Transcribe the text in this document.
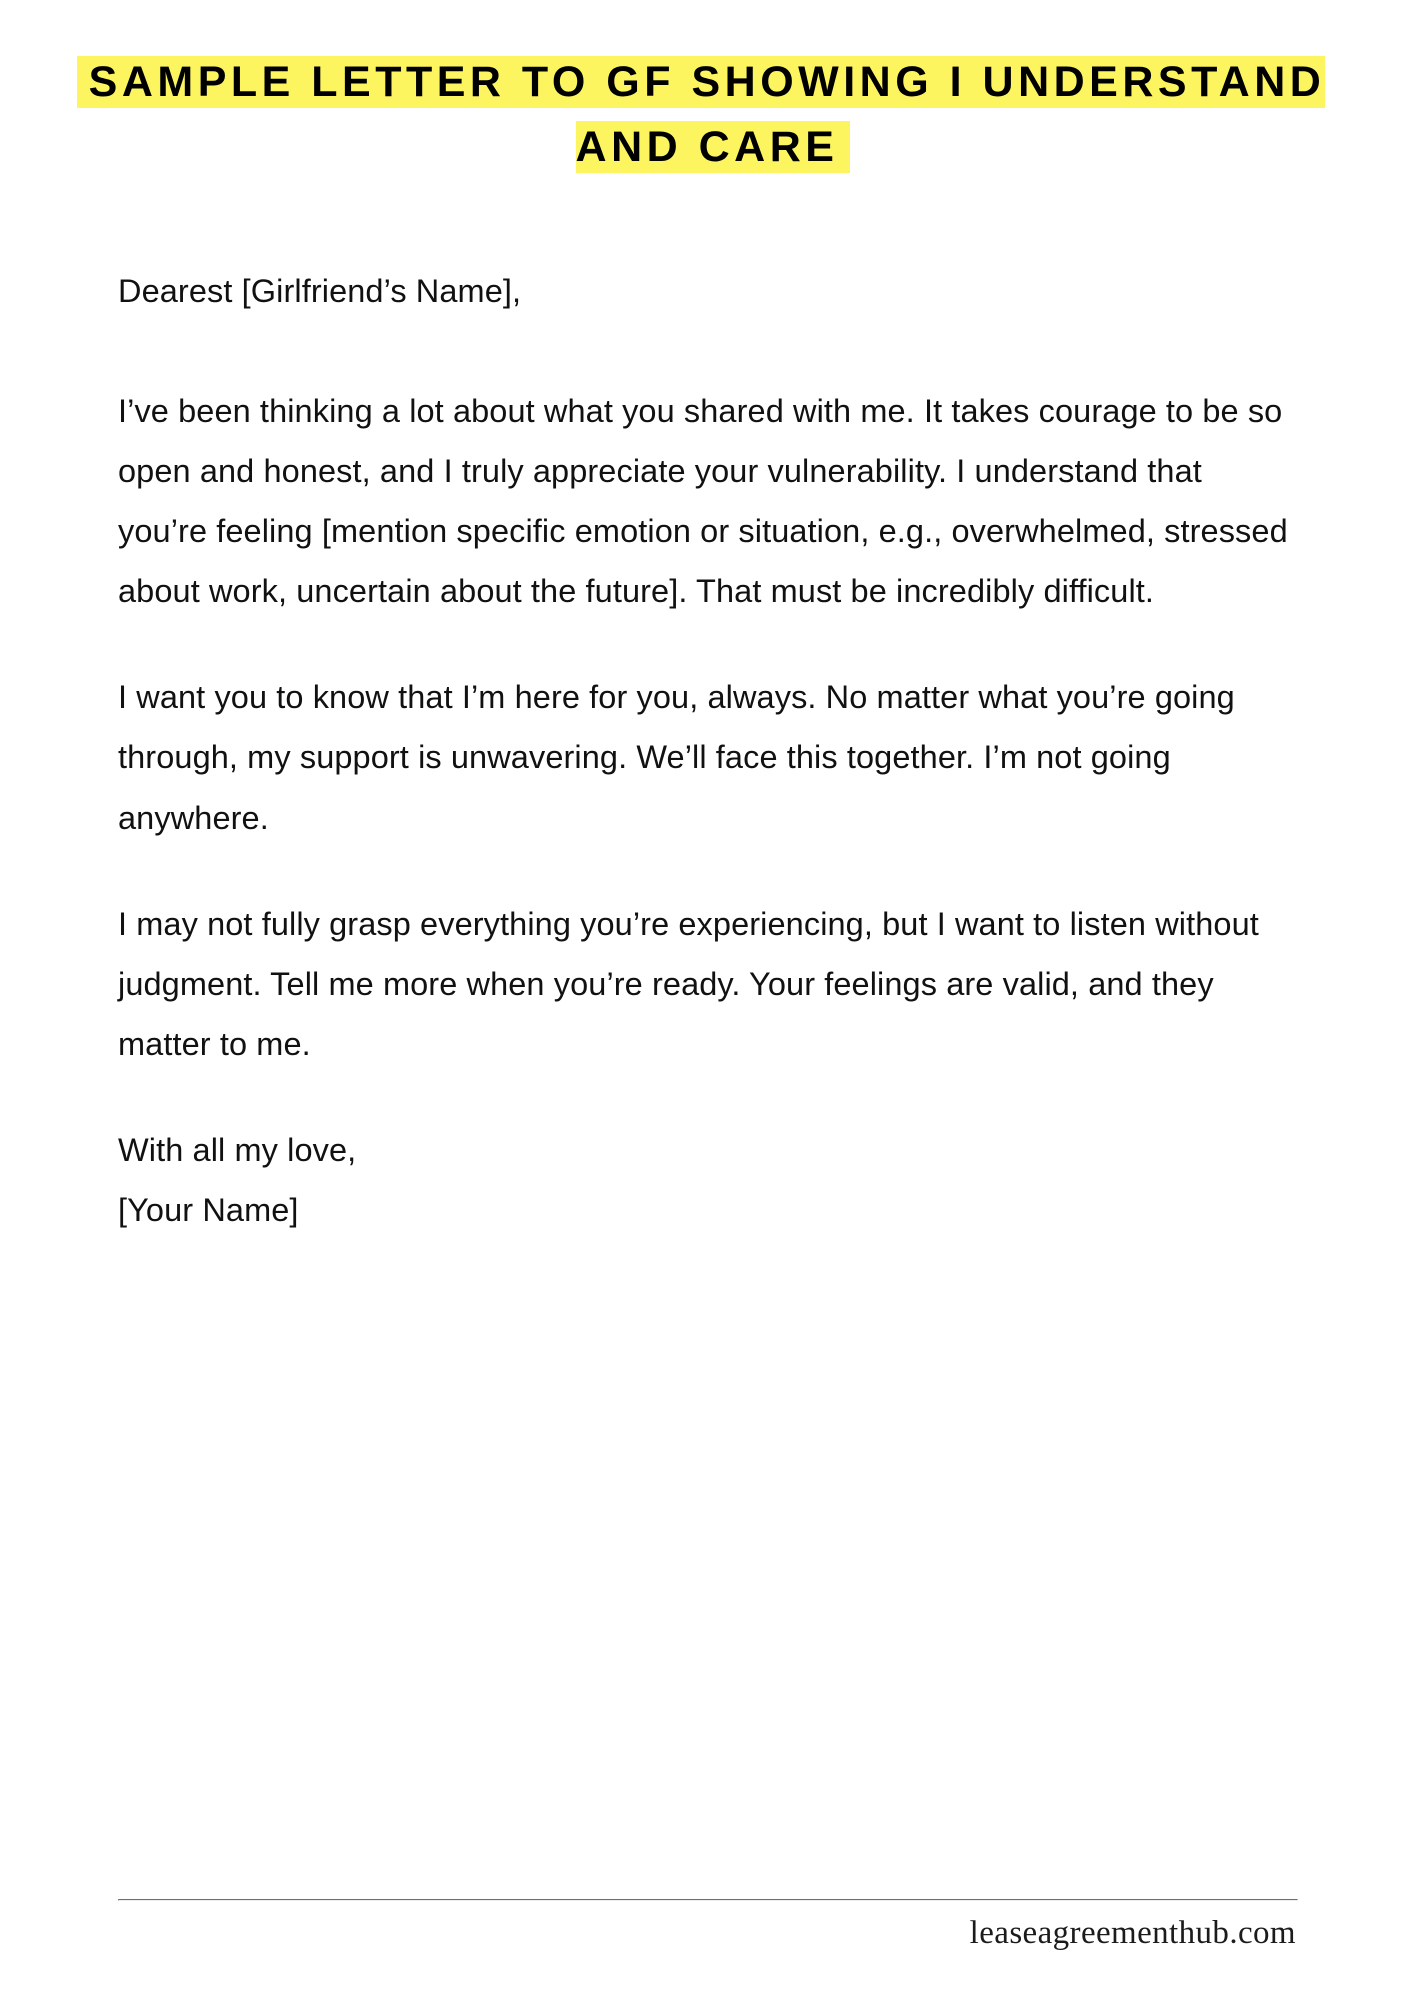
SAMPLE LETTER TO GF SHOWING I UNDERSTAND AND CARE

Dearest [Girlfriend’s Name],

I’ve been thinking a lot about what you shared with me. It takes courage to be so open and honest, and I truly appreciate your vulnerability. I understand that you’re feeling [mention specific emotion or situation, e.g., overwhelmed, stressed about work, uncertain about the future]. That must be incredibly difficult.

I want you to know that I’m here for you, always. No matter what you’re going through, my support is unwavering. We’ll face this together. I’m not going anywhere.

I may not fully grasp everything you’re experiencing, but I want to listen without judgment. Tell me more when you’re ready. Your feelings are valid, and they matter to me.

With all my love,
[Your Name]
leaseagreementhub.com
